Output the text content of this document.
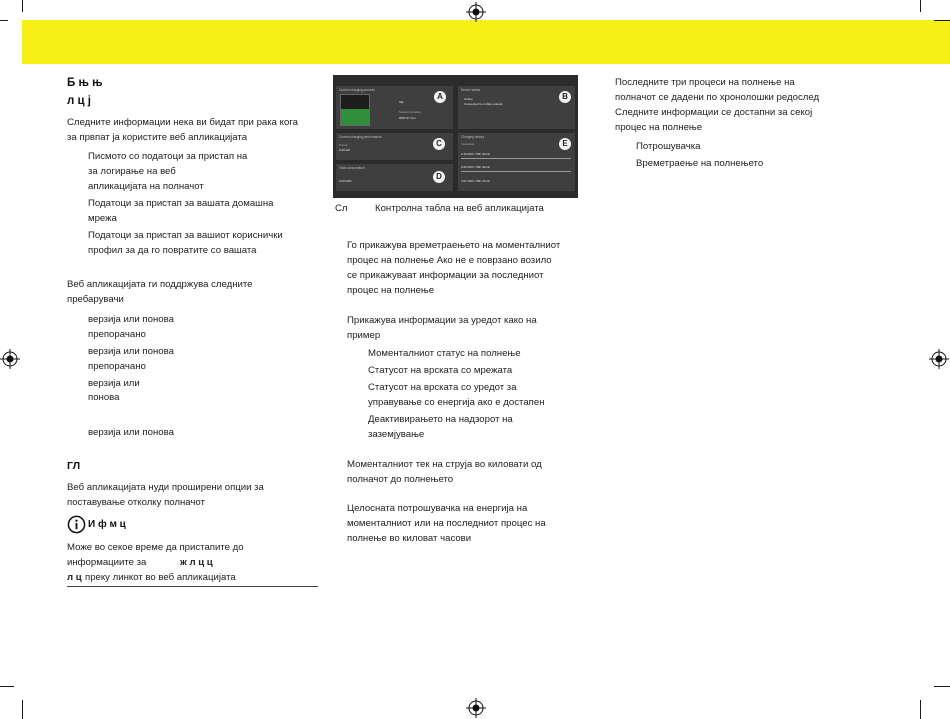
Б њ њ
л ц ј
Следните информации нека ви бидат при рака кога
за првпат ја користите веб апликацијата
Писмото со податоци за пристап на
за логирање на веб
апликацијата на полначот
Податоци за пристап за вашата домашна
мрежа
Податоци за пристап за вашиот кориснички
профил за да го повратите со вашата
Веб апликацијата ги поддржува следните
пребарувачи
верзија или понова
препорачано
верзија или понова
препорачано
верзија или
понова
верзија или понова
ГЛ
Веб апликацијата нуди проширени опции за
поставување отколку полначот
И ф м ц
Може во секое време да пристапите до
информациите за	ж л ц ц
л ц преку линкот во веб апликацијата
Current charging process
Idle
Session duration
0000:37 min
A
Device status
Online
Connected to mobile network
B
Current charging performance
Power
0.00 kW
C
Total consumption
2.00 kWh	D
Charging history
Yesterday
2.13 kWh / 59h 30min
0.00 kWh / 59h 30min
3.07 kWh / 59h 27min
E
Сл	Контролна табла на веб апликацијата
Го прикажува времетраењето на моменталниот
процес на полнење Ако не е поврзано возило
се прикажуваат информации за последниот
процес на полнење
Прикажува информации за уредот како на
пример
Моменталниот статус на полнење
Статусот на врската со мрежата
Статусот на врската со уредот за
управување со енергија ако е достапен
Деактивирањето на надзорот на
заземјување
Моменталниот тек на струја во киловати од
полначот до полнењето
Целосната потрошувачка на енергија на
моменталниот или на последниот процес на
полнење во киловат часови
Последните три процеси на полнење на
полначот се дадени по хронолошки редослед
Следните информации се достапни за секој
процес на полнење
Потрошувачка
Времетраење на полнењето
